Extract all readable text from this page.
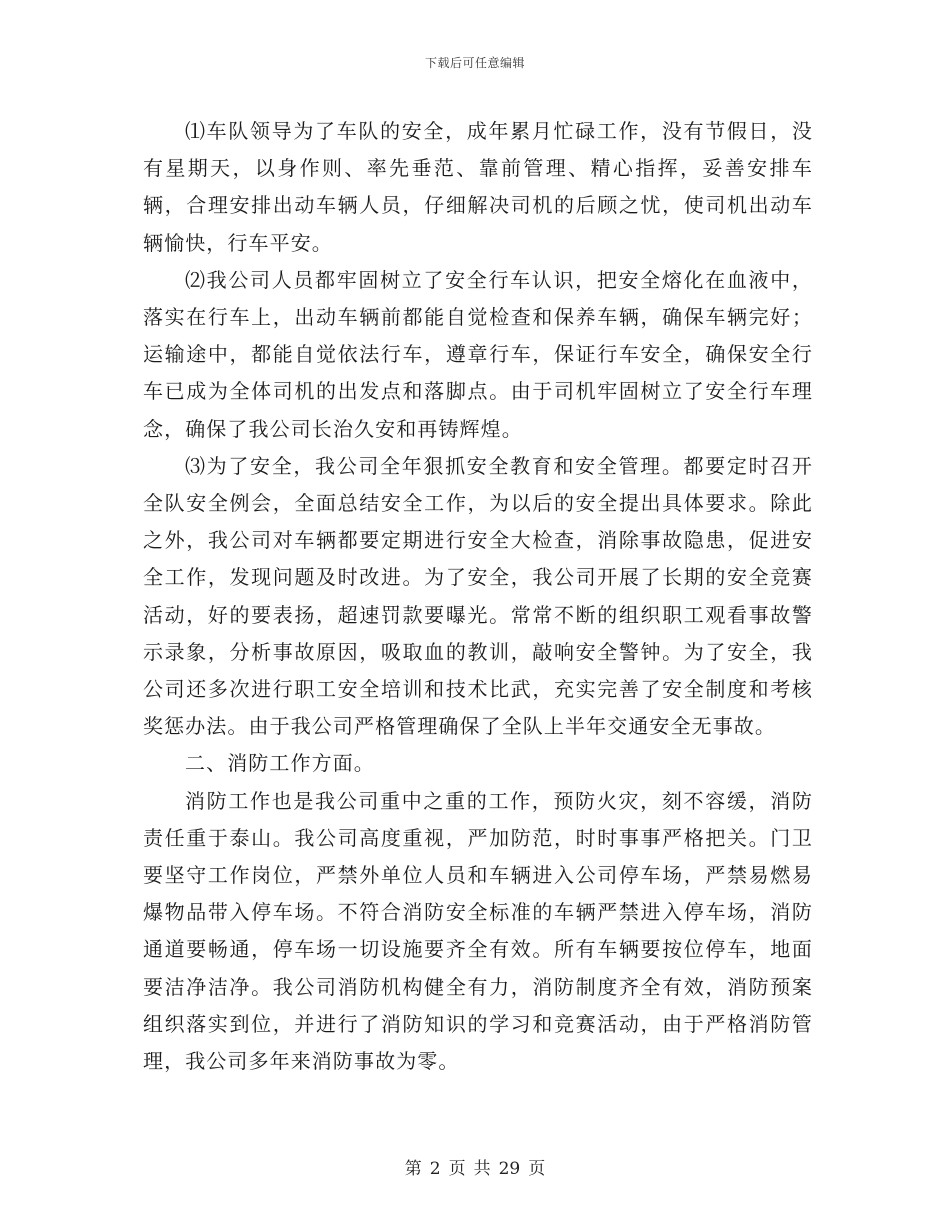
下载后可任意编辑

⑴车队领导为了车队的安全，成年累月忙碌工作，没有节假日，没有星期天，以身作则、率先垂范、靠前管理、精心指挥，妥善安排车辆，合理安排出动车辆人员，仔细解决司机的后顾之忧，使司机出动车辆愉快，行车平安。

⑵我公司人员都牢固树立了安全行车认识，把安全熔化在血液中，落实在行车上，出动车辆前都能自觉检查和保养车辆，确保车辆完好；运输途中，都能自觉依法行车，遵章行车，保证行车安全，确保安全行车已成为全体司机的出发点和落脚点。由于司机牢固树立了安全行车理念，确保了我公司长治久安和再铸辉煌。

⑶为了安全，我公司全年狠抓安全教育和安全管理。都要定时召开全队安全例会，全面总结安全工作，为以后的安全提出具体要求。除此之外，我公司对车辆都要定期进行安全大检查，消除事故隐患，促进安全工作，发现问题及时改进。为了安全，我公司开展了长期的安全竞赛活动，好的要表扬，超速罚款要曝光。常常不断的组织职工观看事故警示录象，分析事故原因，吸取血的教训，敲响安全警钟。为了安全，我公司还多次进行职工安全培训和技术比武，充实完善了安全制度和考核奖惩办法。由于我公司严格管理确保了全队上半年交通安全无事故。

二、消防工作方面。

消防工作也是我公司重中之重的工作，预防火灾，刻不容缓，消防责任重于泰山。我公司高度重视，严加防范，时时事事严格把关。门卫要坚守工作岗位，严禁外单位人员和车辆进入公司停车场，严禁易燃易爆物品带入停车场。不符合消防安全标准的车辆严禁进入停车场，消防通道要畅通，停车场一切设施要齐全有效。所有车辆要按位停车，地面要洁净洁净。我公司消防机构健全有力，消防制度齐全有效，消防预案组织落实到位，并进行了消防知识的学习和竞赛活动，由于严格消防管理，我公司多年来消防事故为零。

第 2 页 共 29 页
